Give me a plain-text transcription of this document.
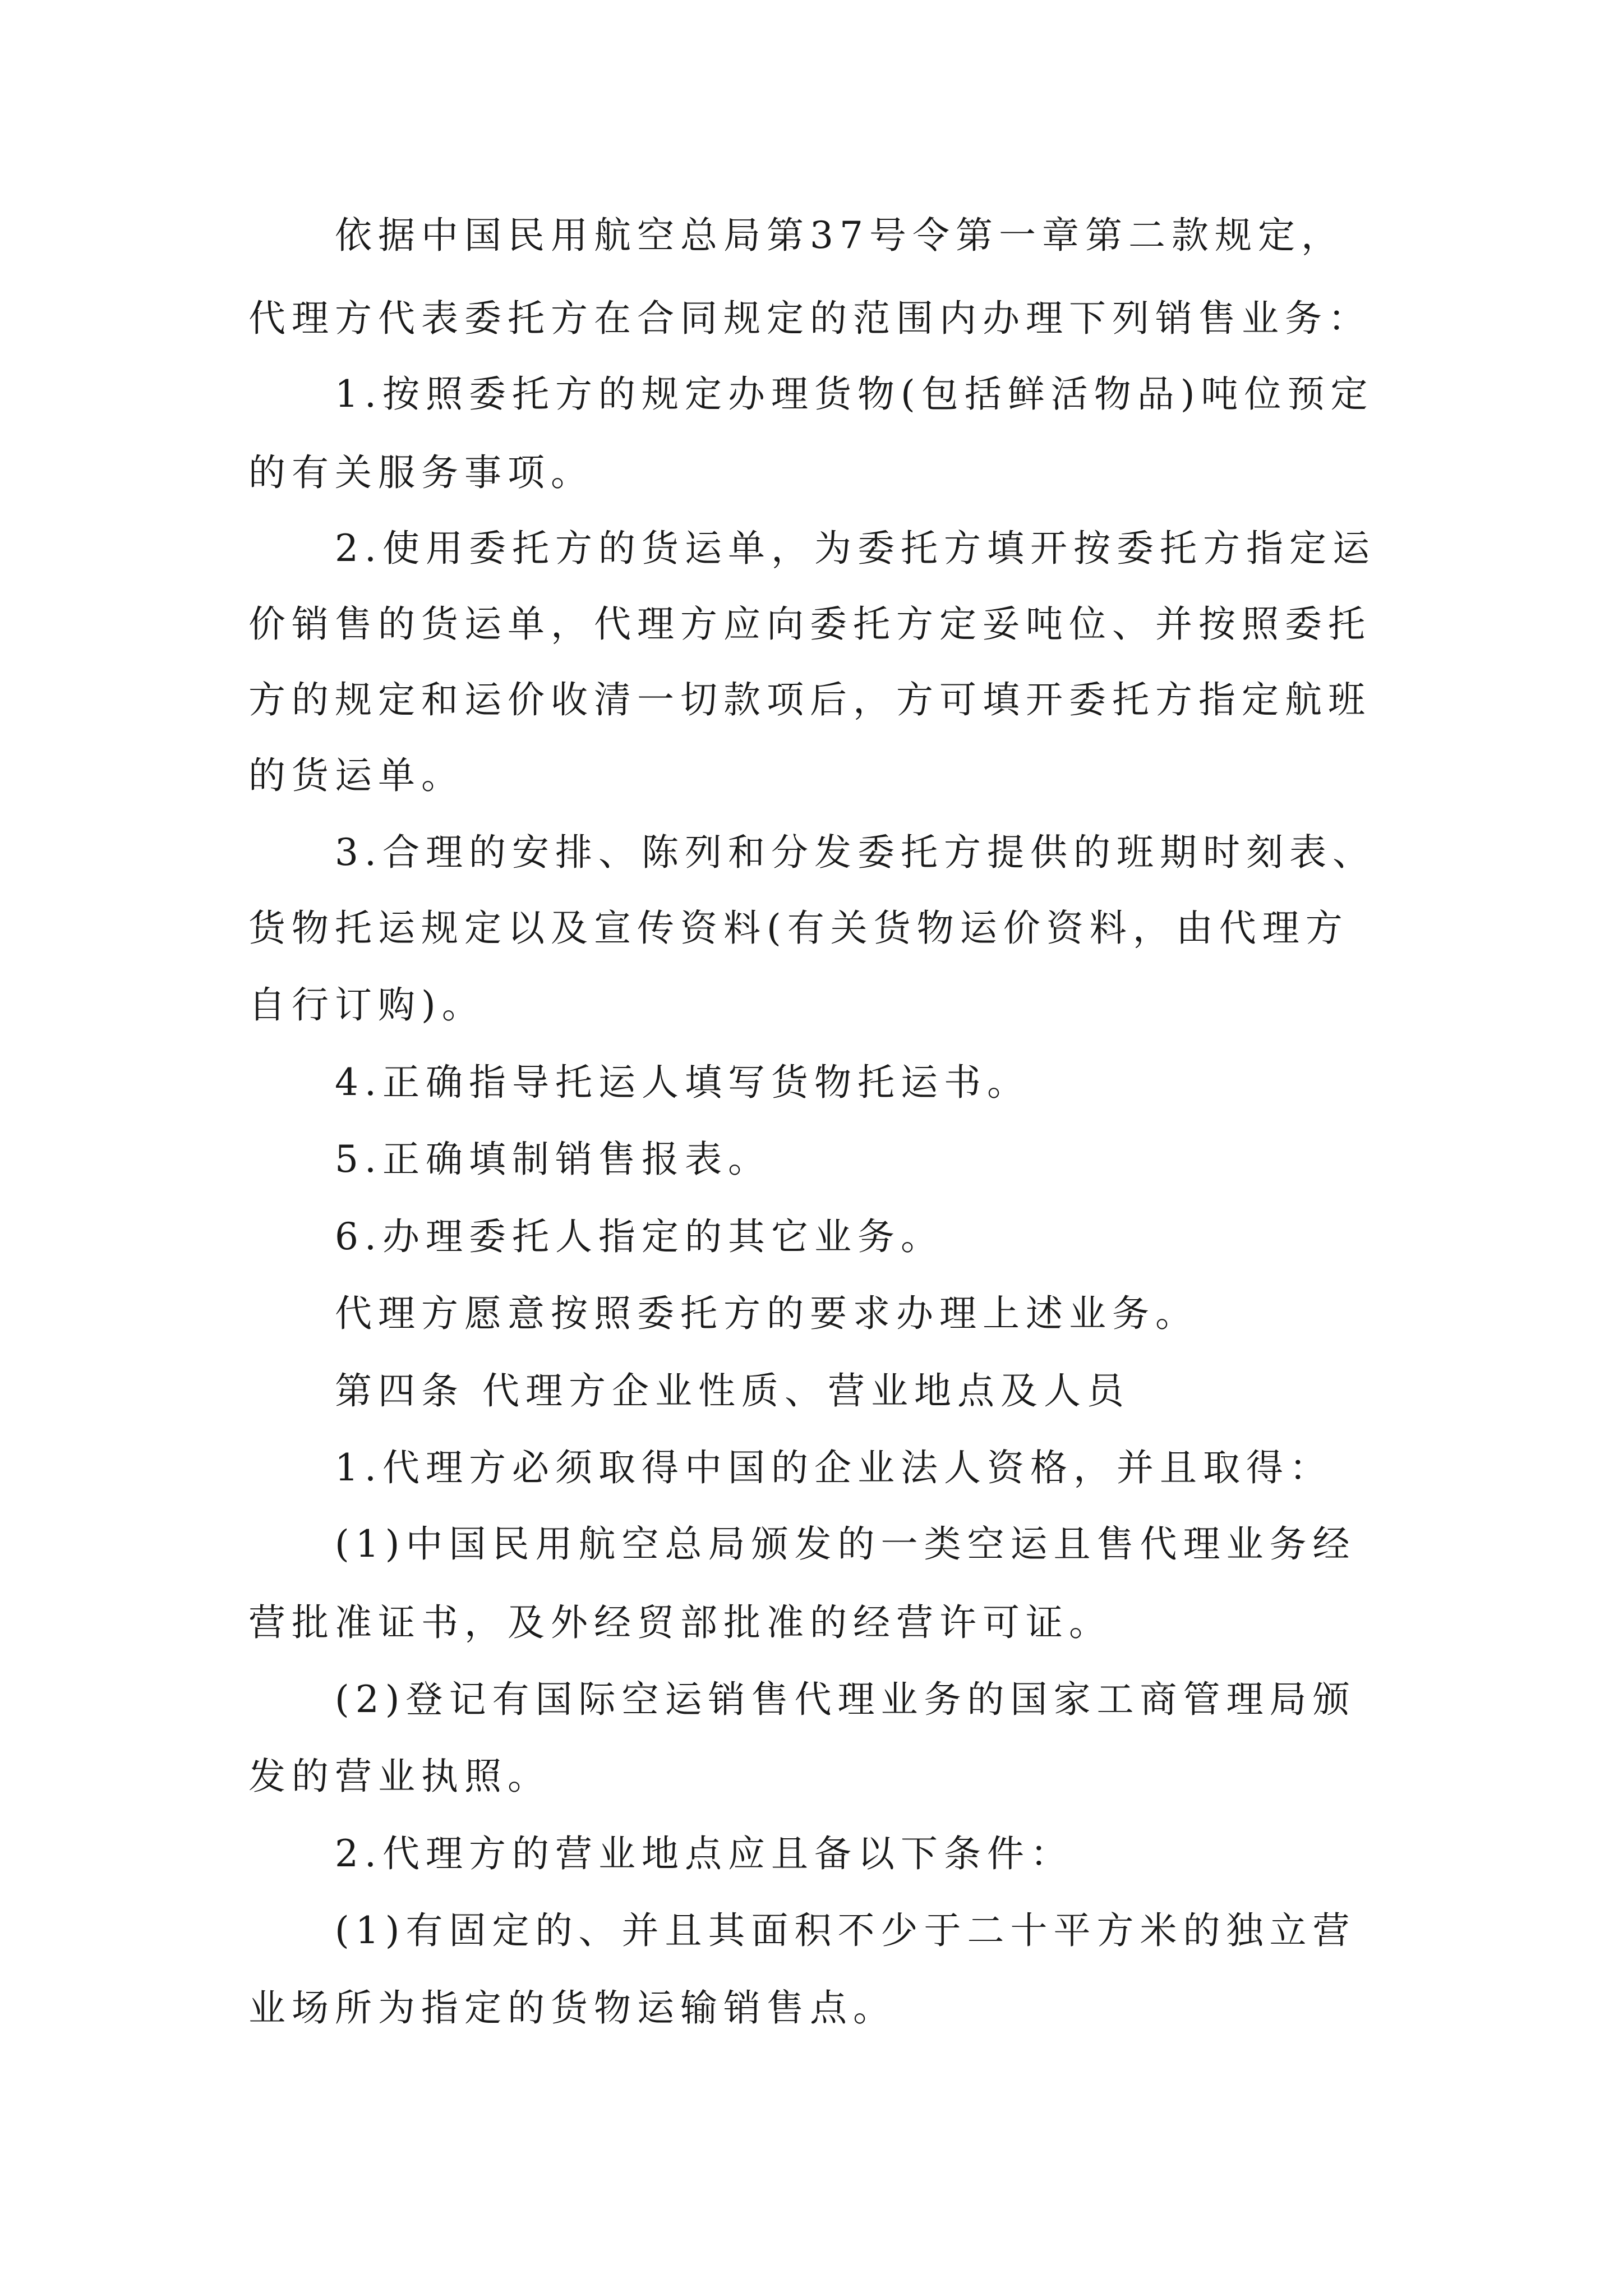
依据中国民用航空总局第37号令第一章第二款规定，
代理方代表委托方在合同规定的范围内办理下列销售业务：
1.按照委托方的规定办理货物(包括鲜活物品)吨位预定
的有关服务事项。
2.使用委托方的货运单，为委托方填开按委托方指定运
价销售的货运单，代理方应向委托方定妥吨位、并按照委托
方的规定和运价收清一切款项后，方可填开委托方指定航班
的货运单。
3.合理的安排、陈列和分发委托方提供的班期时刻表、
货物托运规定以及宣传资料(有关货物运价资料，由代理方
自行订购)。
4.正确指导托运人填写货物托运书。
5.正确填制销售报表。
6.办理委托人指定的其它业务。
代理方愿意按照委托方的要求办理上述业务。
第四条 代理方企业性质、营业地点及人员
1.代理方必须取得中国的企业法人资格，并且取得：
(1)中国民用航空总局颁发的一类空运且售代理业务经
营批准证书，及外经贸部批准的经营许可证。
(2)登记有国际空运销售代理业务的国家工商管理局颁
发的营业执照。
2.代理方的营业地点应且备以下条件：
(1)有固定的、并且其面积不少于二十平方米的独立营
业场所为指定的货物运输销售点。
